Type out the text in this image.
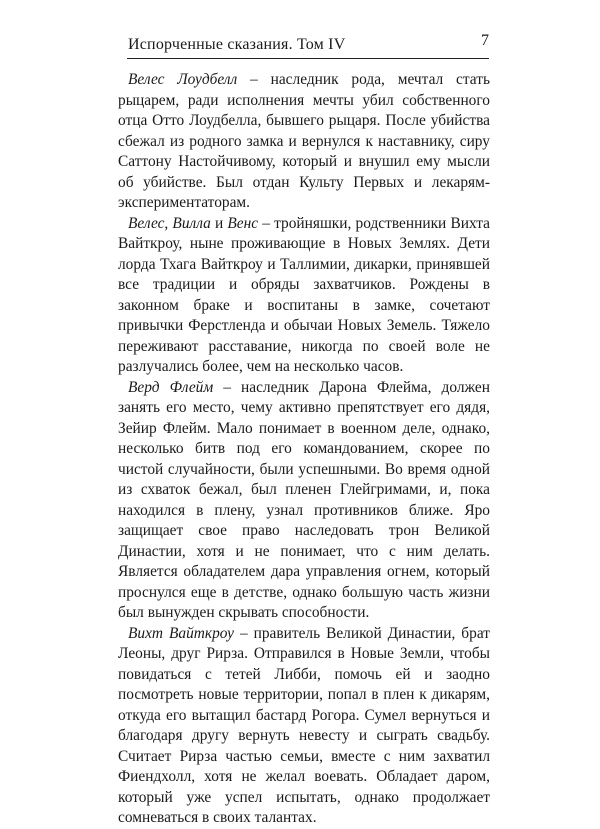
Испорченные сказания. Том IV	7

Велес Лоудбелл – наследник рода, мечтал стать рыцарем, ради исполнения мечты убил собственного отца Отто Лоудбелла, бывшего рыцаря. После убийства сбежал из родного замка и вернулся к наставнику, сиру Саттону Настойчивому, который и внушил ему мысли об убийстве. Был отдан Культу Первых и лекарям-экспериментаторам.

Велес, Вилла и Венс – тройняшки, родственники Вихта Вайткроу, ныне проживающие в Новых Землях. Дети лорда Тхага Вайткроу и Таллимии, дикарки, принявшей все традиции и обряды захватчиков. Рождены в законном браке и воспитаны в замке, сочетают привычки Ферстленда и обычаи Новых Земель. Тяжело переживают расставание, никогда по своей воле не разлучались более, чем на несколько часов.

Верд Флейм – наследник Дарона Флейма, должен занять его место, чему активно препятствует его дядя, Зейир Флейм. Мало понимает в военном деле, однако, несколько битв под его командованием, скорее по чистой случайности, были успешными. Во время одной из схваток бежал, был пленен Глейгримами, и, пока находился в плену, узнал противников ближе. Яро защищает свое право наследовать трон Великой Династии, хотя и не понимает, что с ним делать. Является обладателем дара управления огнем, который проснулся еще в детстве, однако большую часть жизни был вынужден скрывать способности.

Вихт Вайткроу – правитель Великой Династии, брат Леоны, друг Рирза. Отправился в Новые Земли, чтобы повидаться с тетей Либби, помочь ей и заодно посмотреть новые территории, попал в плен к дикарям, откуда его вытащил бастард Рогора. Сумел вернуться и благодаря другу вернуть невесту и сыграть свадьбу. Считает Рирза частью семьи, вместе с ним захватил Фиендхолл, хотя не желал воевать. Обладает даром, который уже успел испытать, однако продолжает сомневаться в своих талантах.
